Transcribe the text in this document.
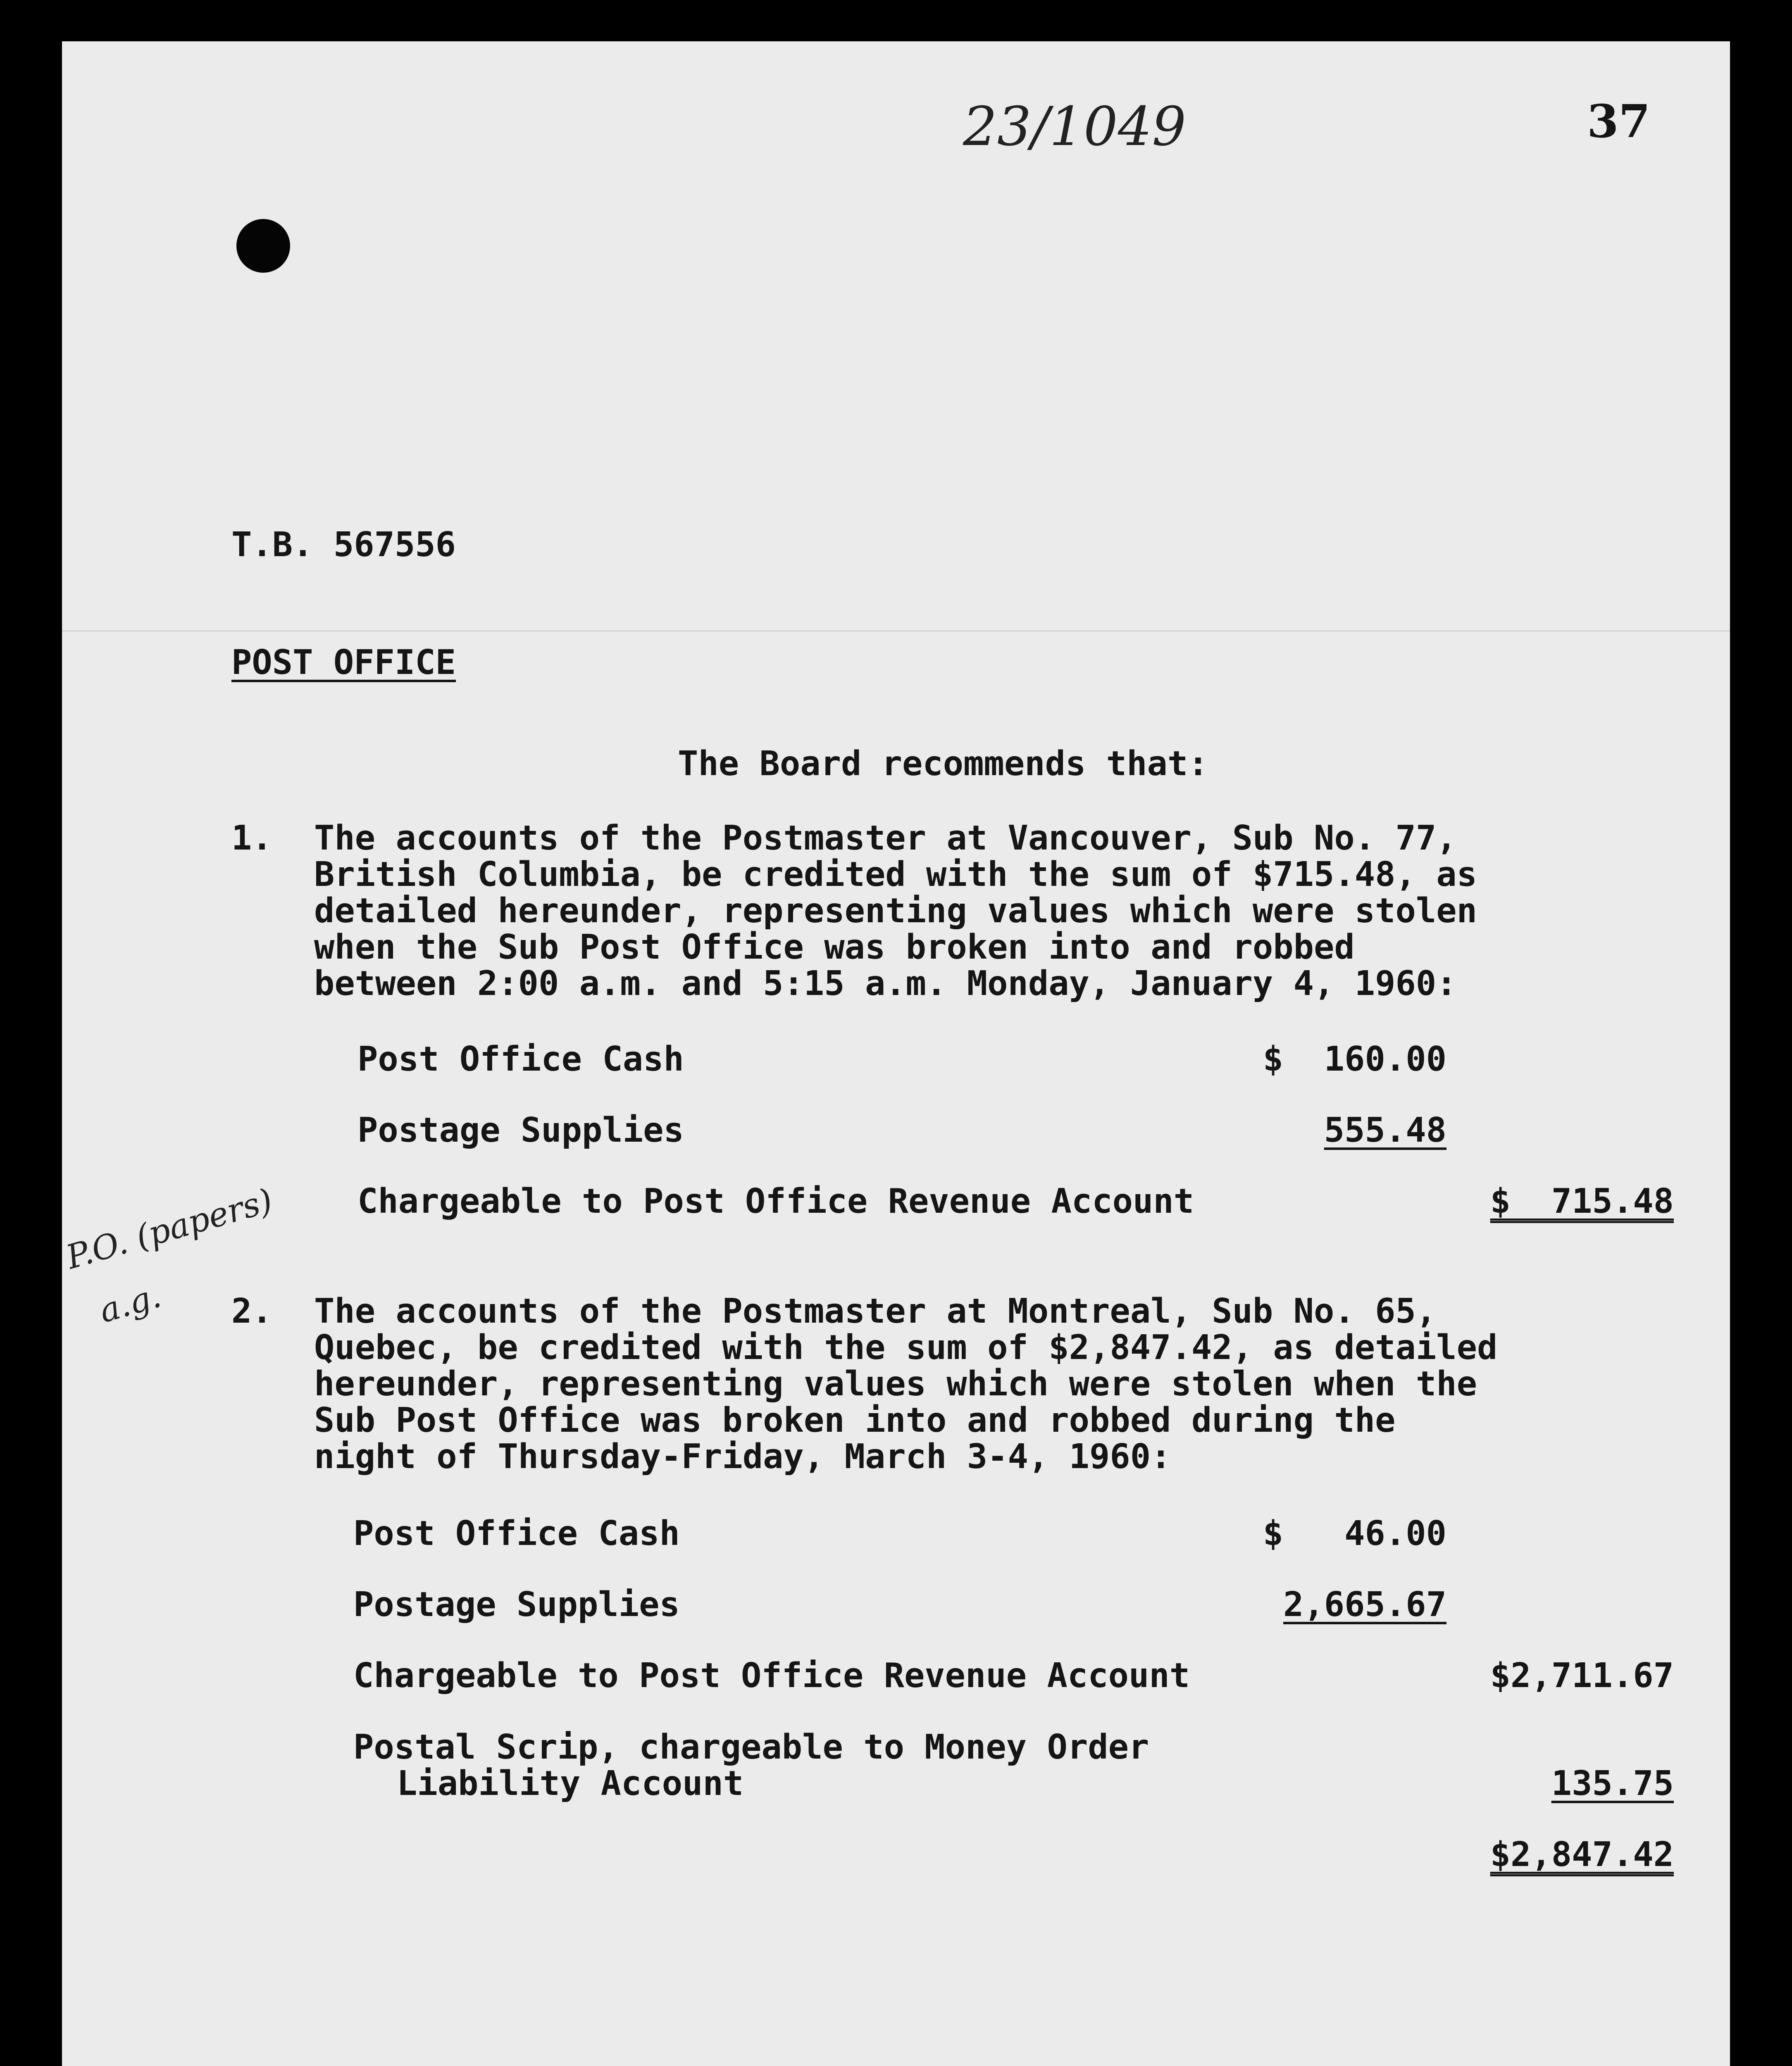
23/1049	37
T.B. 567556
POST OFFICE
The Board recommends that:
1. The accounts of the Postmaster at Vancouver, Sub No. 77,
British Columbia, be credited with the sum of $715.48, as
detailed hereunder, representing values which were stolen
when the Sub Post Office was broken into and robbed
between 2:00 a.m. and 5:15 a.m. Monday, January 4, 1960:
Post Office Cash	$  160.00
Postage Supplies	555.48
Chargeable to Post Office Revenue Account	$  715.48
P.O. (papers)
a.g. 2. The accounts of the Postmaster at Montreal, Sub No. 65,
Quebec, be credited with the sum of $2,847.42, as detailed
hereunder, representing values which were stolen when the
Sub Post Office was broken into and robbed during the
night of Thursday-Friday, March 3-4, 1960:
Post Office Cash	$   46.00
Postage Supplies	2,665.67
Chargeable to Post Office Revenue Account	$2,711.67
Postal Scrip, chargeable to Money Order
Liability Account	135.75
$2,847.42
